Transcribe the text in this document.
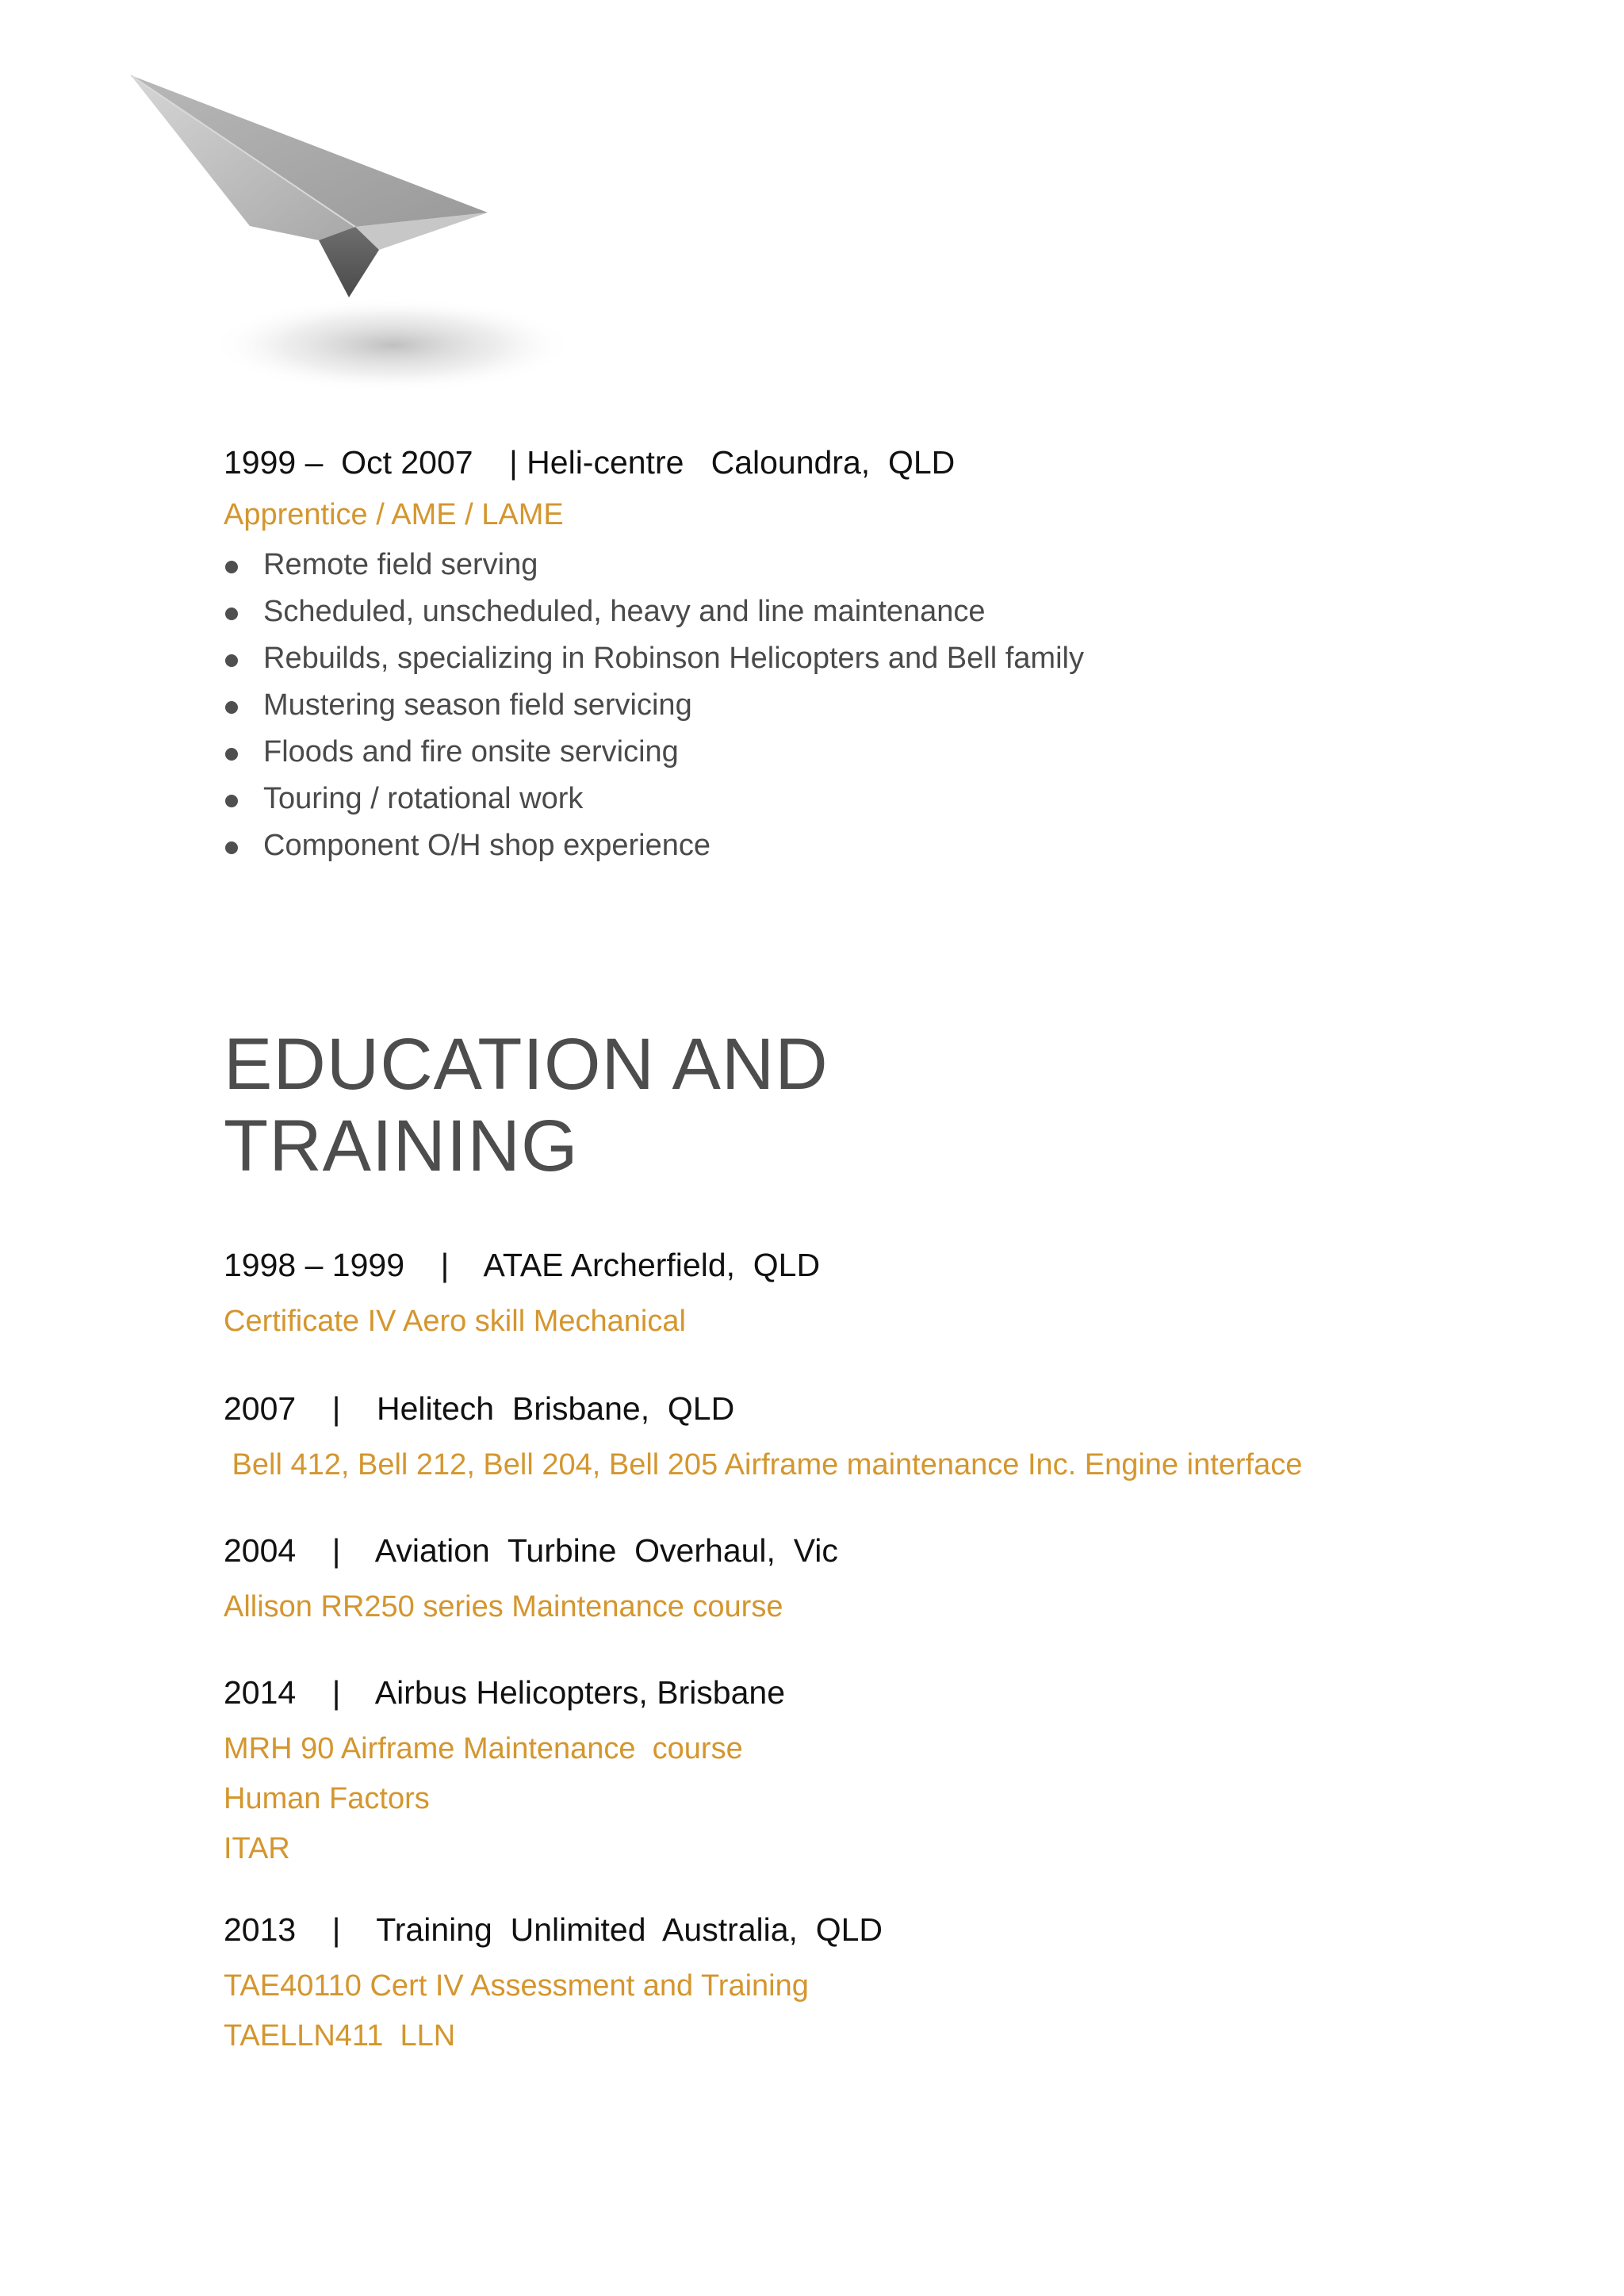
1999 –  Oct 2007    | Heli-centre   Caloundra,  QLD
Apprentice / AME / LAME
Remote field serving
Scheduled, unscheduled, heavy and line maintenance
Rebuilds, specializing in Robinson Helicopters and Bell family
Mustering season field servicing
Floods and fire onsite servicing
Touring / rotational work
Component O/H shop experience
EDUCATION AND
TRAINING
1998 – 1999    |    ATAE Archerfield,  QLD
Certificate IV Aero skill Mechanical
2007    |    Helitech  Brisbane,  QLD
Bell 412, Bell 212, Bell 204, Bell 205 Airframe maintenance Inc. Engine interface
2004    |    Aviation  Turbine  Overhaul,  Vic
Allison RR250 series Maintenance course
2014    |    Airbus Helicopters, Brisbane
MRH 90 Airframe Maintenance  course
Human Factors
ITAR
2013    |    Training  Unlimited  Australia,  QLD
TAE40110 Cert IV Assessment and Training
TAELLN411  LLN
